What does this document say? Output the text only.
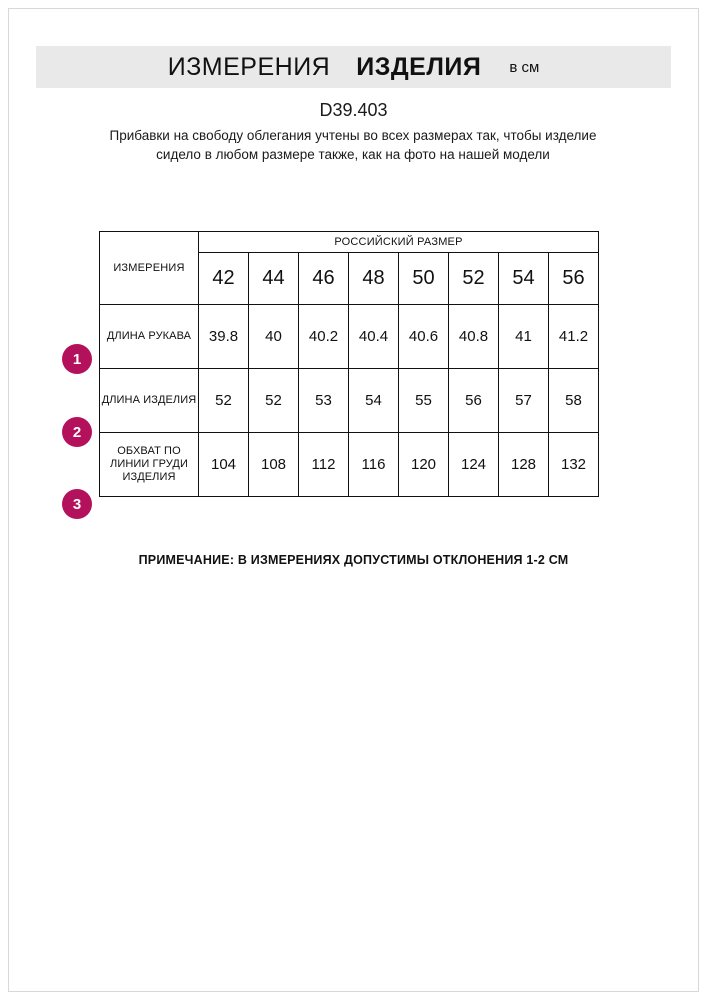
ИЗМЕРЕНИЯ ИЗДЕЛИЯ в см
D39.403
Прибавки на свободу облегания учтены во всех размерах так, чтобы изделие сидело в любом размере также, как на фото на нашей модели
1
2
3
ИЗМЕРЕНИЯ	РОССИЙСКИЙ РАЗМЕР							
	42	44	46	48	50	52	54	56
ДЛИНА РУКАВА	39.8	40	40.2	40.4	40.6	40.8	41	41.2
ДЛИНА ИЗДЕЛИЯ	52	52	53	54	55	56	57	58
ОБХВАТ ПО ЛИНИИ ГРУДИ ИЗДЕЛИЯ	104	108	112	116	120	124	128	132
ПРИМЕЧАНИЕ: В ИЗМЕРЕНИЯХ ДОПУСТИМЫ ОТКЛОНЕНИЯ 1-2 СМ
